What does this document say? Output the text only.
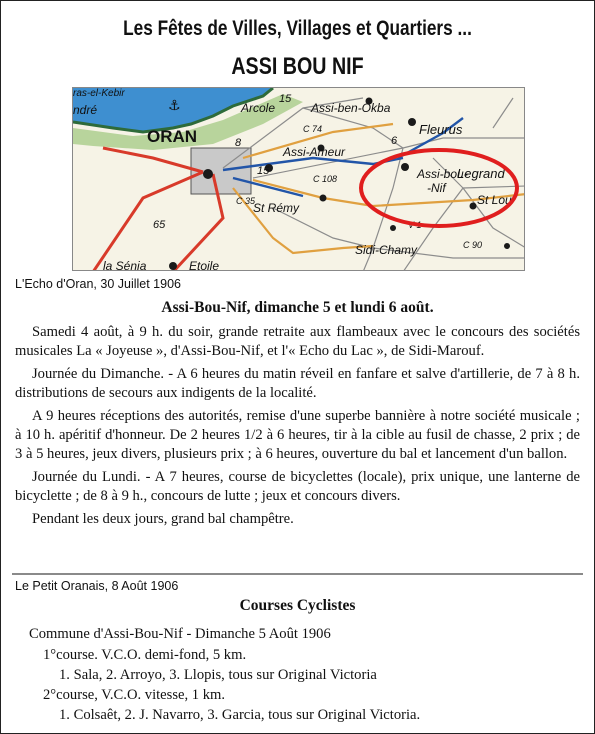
Les Fêtes de Villes, Villages et Quartiers ...
ASSI BOU NIF
⚓
ras-el-Kebir
ndré
ORAN
Arcole	Assi-ben-Okba
Fleurus
Assi-Ameur
Legrand
St Lou
Assi-bou-
-Nif
St Rémy
Sidi-Chamy
Etoile
la Sénia
C 74
C 35
C 90
C 108
V 1
6
15
15
8
65
L'Echo d'Oran, 30 Juillet 1906
Assi-Bou-Nif, dimanche 5 et lundi 6 août.

Samedi 4 août, à 9 h. du soir, grande retraite aux flambeaux avec le concours des sociétés musicales La « Joyeuse », d'Assi-Bou-Nif, et l'« Echo du Lac », de Sidi-Marouf.

Journée du Dimanche. - A 6 heures du matin réveil en fanfare et salve d'artillerie, de 7 à 8 h. distributions de secours aux indigents de la localité.

A 9 heures réceptions des autorités, remise d'une superbe bannière à notre société musicale ; à 10 h. apéritif d'honneur. De 2 heures 1/2 à 6 heures, tir à la cible au fusil de chasse, 2 prix ; de 3 à 5 heures, jeux divers, plusieurs prix ; à 6 heures, ouverture du bal et lancement d'un ballon.

Journée du Lundi. - A 7 heures, course de bicyclettes (locale), prix unique, une lanterne de bicyclette ; de 8 à 9 h., concours de lutte ; jeux et concours divers.

Pendant les deux jours, grand bal champêtre.

Le Petit Oranais, 8 Août 1906
Courses Cyclistes
Commune d'Assi-Bou-Nif - Dimanche 5 Août 1906
1°course. V.C.O. demi-fond, 5 km.
1. Sala, 2. Arroyo, 3. Llopis, tous sur Original Victoria
2°course, V.C.O. vitesse, 1 km.
1. Colsaêt, 2. J. Navarro, 3. Garcia, tous sur Original Victoria.
